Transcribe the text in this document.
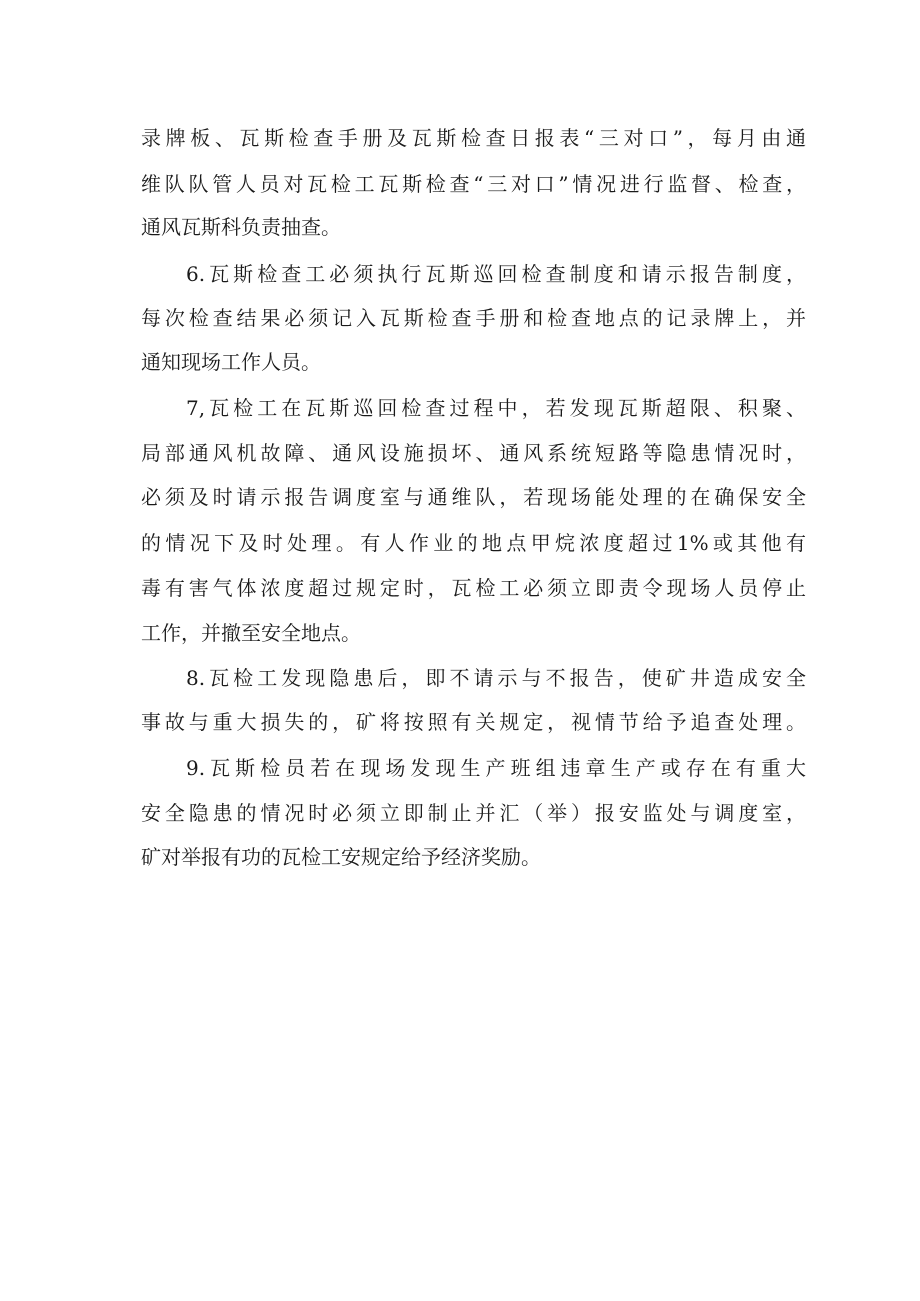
录牌板、瓦斯检查手册及瓦斯检查日报表“三对口”，每月由通
维队队管人员对瓦检工瓦斯检查“三对口”情况进行监督、检查，
通风瓦斯科负责抽查。
6.瓦斯检查工必须执行瓦斯巡回检查制度和请示报告制度，
每次检查结果必须记入瓦斯检查手册和检查地点的记录牌上，并
通知现场工作人员。
7,瓦检工在瓦斯巡回检查过程中，若发现瓦斯超限、积聚、
局部通风机故障、通风设施损坏、通风系统短路等隐患情况时，
必须及时请示报告调度室与通维队，若现场能处理的在确保安全
的情况下及时处理。有人作业的地点甲烷浓度超过1%或其他有
毒有害气体浓度超过规定时，瓦检工必须立即责令现场人员停止
工作，并撤至安全地点。
8.瓦检工发现隐患后，即不请示与不报告，使矿井造成安全
事故与重大损失的，矿将按照有关规定，视情节给予追查处理。
9.瓦斯检员若在现场发现生产班组违章生产或存在有重大
安全隐患的情况时必须立即制止并汇（举）报安监处与调度室，
矿对举报有功的瓦检工安规定给予经济奖励。
